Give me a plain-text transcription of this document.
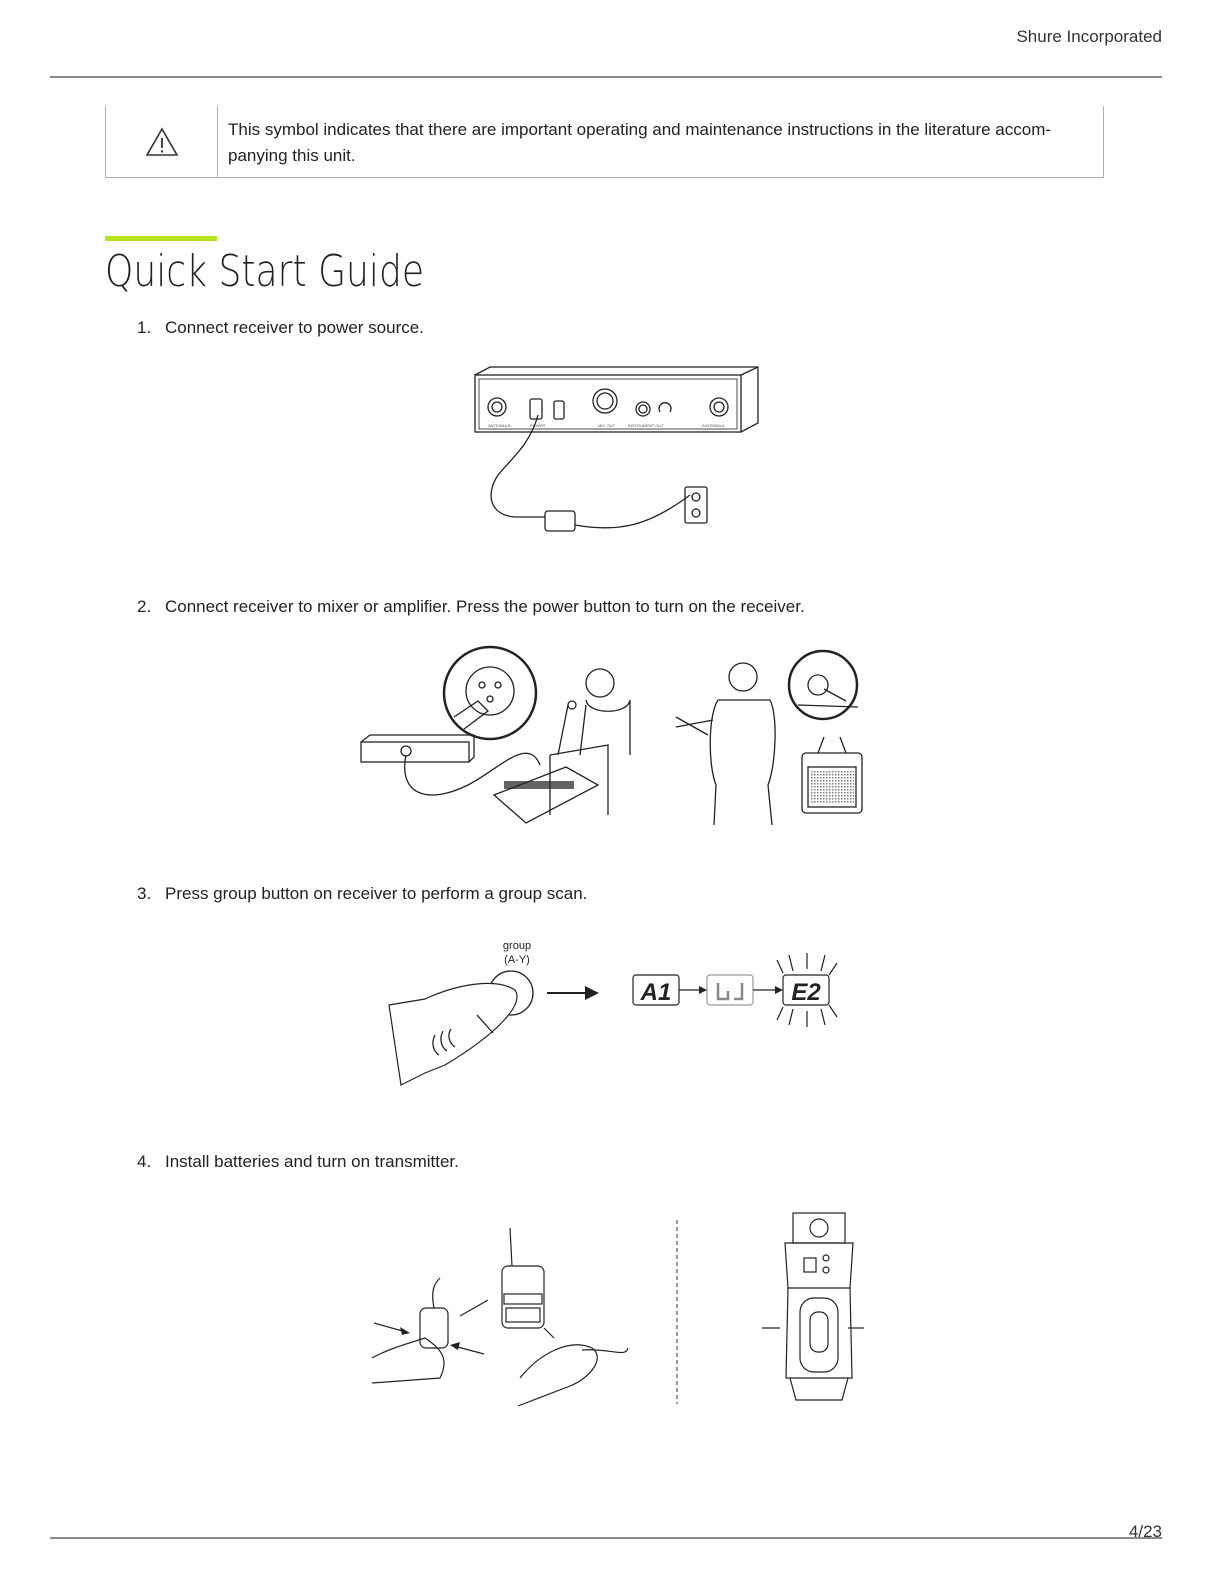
Shure Incorporated
This symbol indicates that there are important operating and maintenance instructions in the literature accom-
panying this unit.
Quick Start Guide
1. Connect receiver to power source.
ANTENNA B	POWER	MIC OUT	INSTRUMENT OUT	ANTENNA A
2. Connect receiver to mixer or amplifier. Press the power button to turn on the receiver.
3. Press group button on receiver to perform a group scan.
group
(A-Y)
A1	E2
4. Install batteries and turn on transmitter.
4/23
